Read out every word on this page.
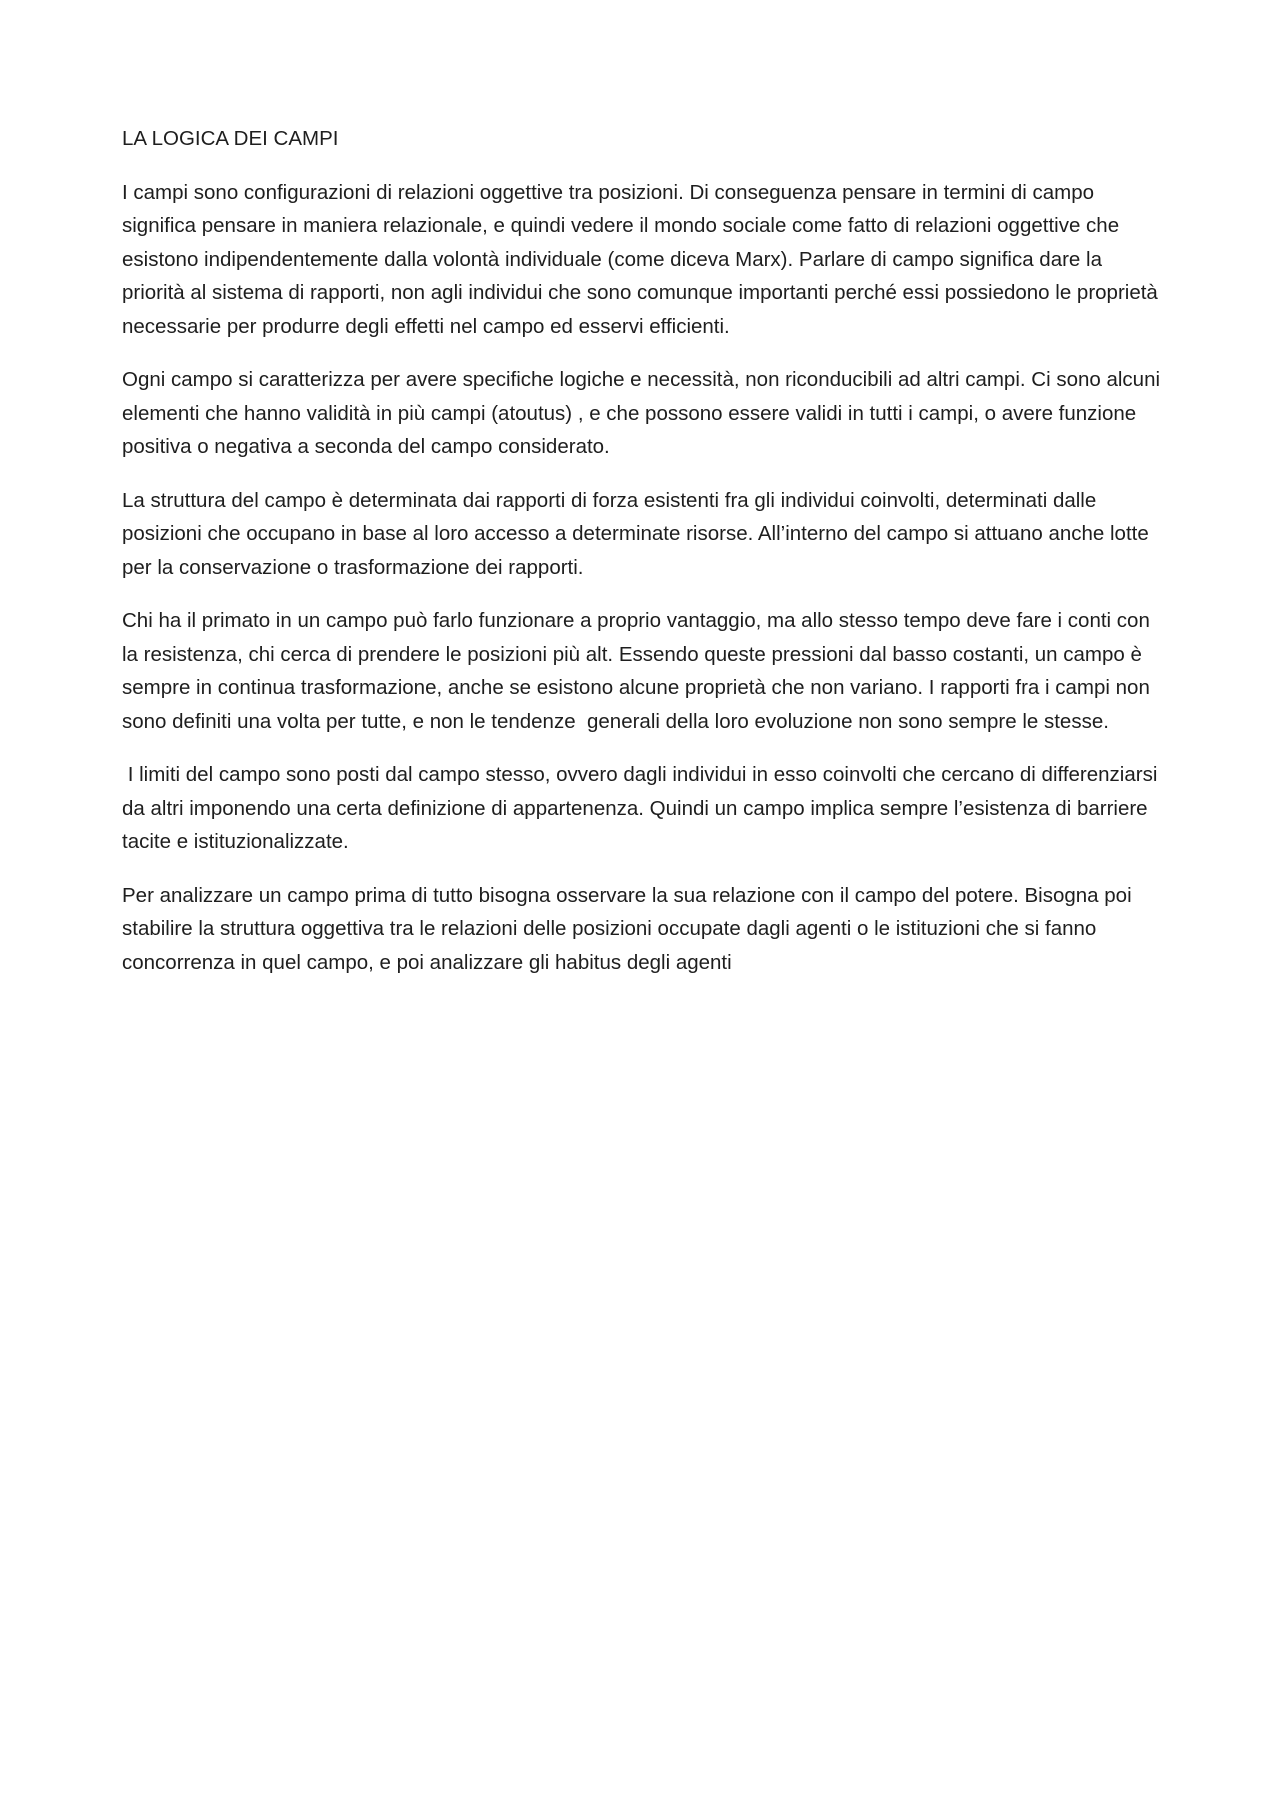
LA LOGICA DEI CAMPI

I campi sono configurazioni di relazioni oggettive tra posizioni. Di conseguenza pensare in termini di campo significa pensare in maniera relazionale, e quindi vedere il mondo sociale come fatto di relazioni oggettive che esistono indipendentemente dalla volontà individuale (come diceva Marx). Parlare di campo significa dare la priorità al sistema di rapporti, non agli individui che sono comunque importanti perché essi possiedono le proprietà necessarie per produrre degli effetti nel campo ed esservi efficienti.

Ogni campo si caratterizza per avere specifiche logiche e necessità, non riconducibili ad altri campi. Ci sono alcuni elementi che hanno validità in più campi (atoutus) , e che possono essere validi in tutti i campi, o avere funzione positiva o negativa a seconda del campo considerato.

La struttura del campo è determinata dai rapporti di forza esistenti fra gli individui coinvolti, determinati dalle posizioni che occupano in base al loro accesso a determinate risorse. All’interno del campo si attuano anche lotte per la conservazione o trasformazione dei rapporti.

Chi ha il primato in un campo può farlo funzionare a proprio vantaggio, ma allo stesso tempo deve fare i conti con la resistenza, chi cerca di prendere le posizioni più alt. Essendo queste pressioni dal basso costanti, un campo è sempre in continua trasformazione, anche se esistono alcune proprietà che non variano. I rapporti fra i campi non sono definiti una volta per tutte, e non le tendenze  generali della loro evoluzione non sono sempre le stesse.

I limiti del campo sono posti dal campo stesso, ovvero dagli individui in esso coinvolti che cercano di differenziarsi da altri imponendo una certa definizione di appartenenza. Quindi un campo implica sempre l’esistenza di barriere tacite e istituzionalizzate.

Per analizzare un campo prima di tutto bisogna osservare la sua relazione con il campo del potere. Bisogna poi stabilire la struttura oggettiva tra le relazioni delle posizioni occupate dagli agenti o le istituzioni che si fanno concorrenza in quel campo, e poi analizzare gli habitus degli agenti
